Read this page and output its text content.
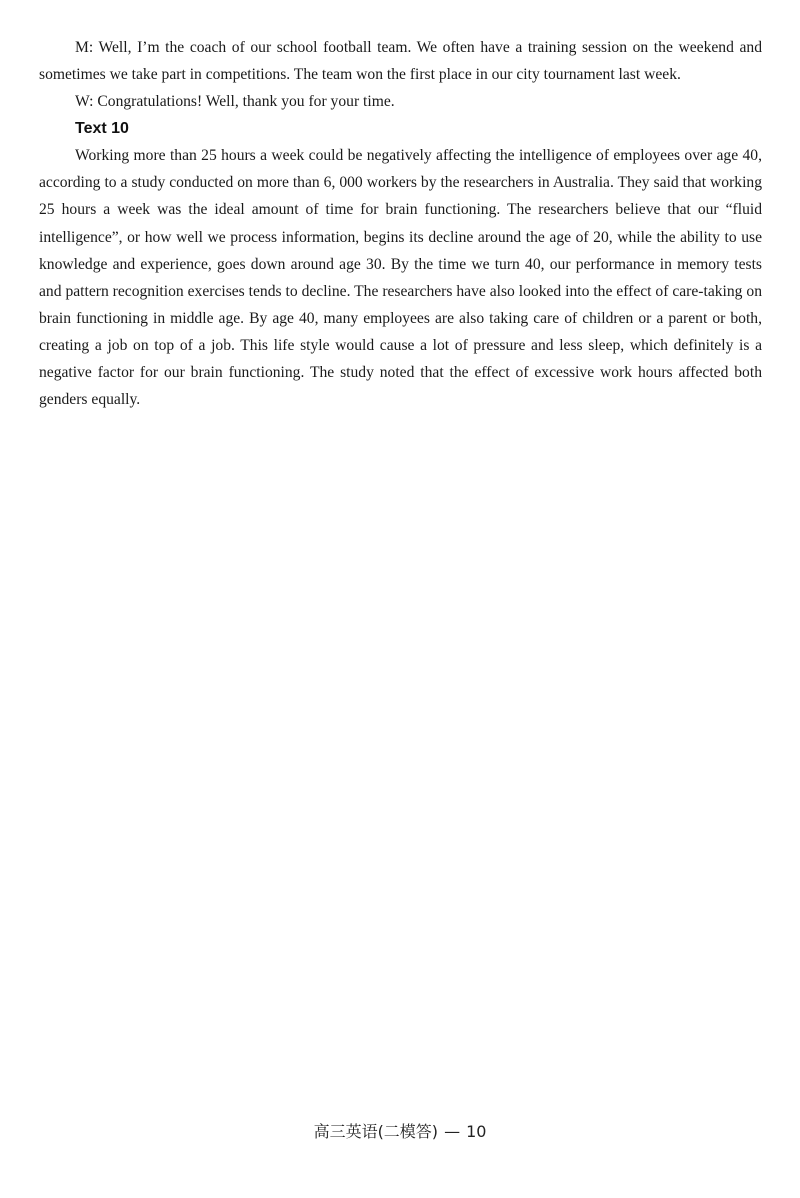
M: Well, I’m the coach of our school football team. We often have a training session on the weekend and sometimes we take part in competitions. The team won the first place in our city tournament last week.

W: Congratulations! Well, thank you for your time.

Text 10

Working more than 25 hours a week could be negatively affecting the intelligence of employees over age 40, according to a study conducted on more than 6, 000 workers by the researchers in Australia. They said that working 25 hours a week was the ideal amount of time for brain functioning. The researchers believe that our “fluid intelligence”, or how well we process information, begins its decline around the age of 20, while the ability to use knowledge and experience, goes down around age 30. By the time we turn 40, our performance in memory tests and pattern recognition exercises tends to decline. The researchers have also looked into the effect of care-taking on brain functioning in middle age. By age 40, many employees are also taking care of children or a parent or both, creating a job on top of a job. This life style would cause a lot of pressure and less sleep, which definitely is a negative factor for our brain functioning. The study noted that the effect of excessive work hours affected both genders equally.

高三英语(二模答) — 10
